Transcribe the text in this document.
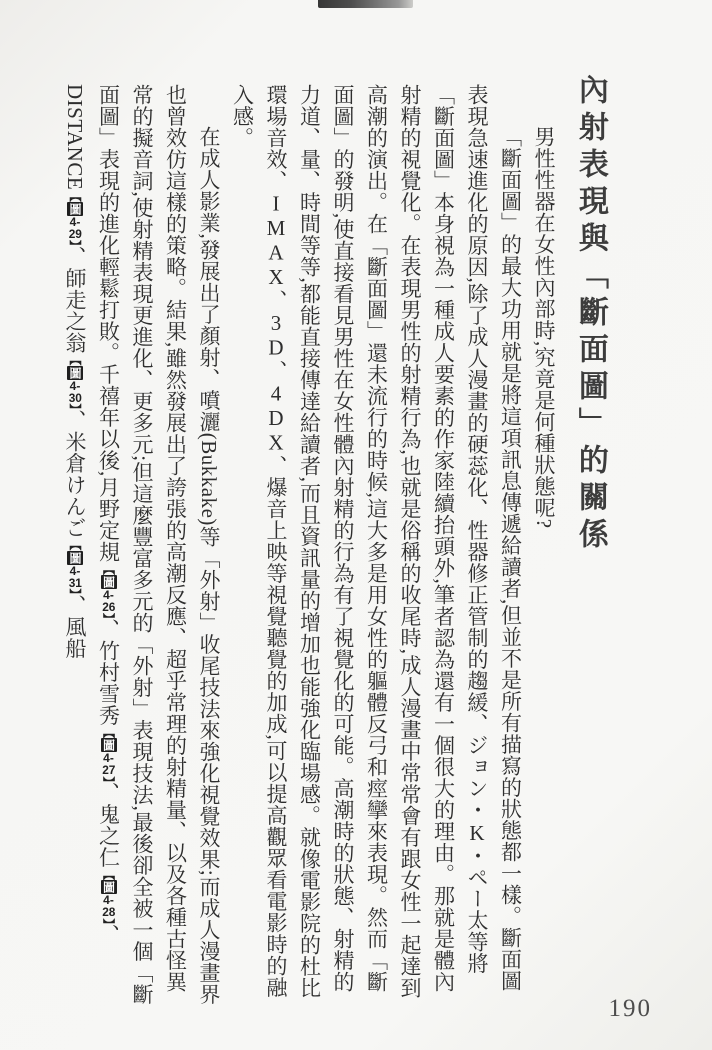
內射表現與「斷面圖」的關係

男性性器在女性內部時,究竟是何種狀態呢?

「斷面圖」的最大功用就是將這項訊息傳遞給讀者,但並不是所有描寫的狀態都一樣。斷面圖表現急速進化的原因,除了成人漫畫的硬蕊化、性器修正管制的趨緩、ジョン・K・ペー太等將「斷面圖」本身視為一種成人要素的作家陸續抬頭外,筆者認為還有一個很大的理由。那就是體內射精的視覺化。在表現男性的射精行為,也就是俗稱的收尾時,成人漫畫中常常會有跟女性一起達到高潮的演出。在「斷面圖」還未流行的時候,這大多是用女性的軀體反弓和痙攣來表現。然而「斷面圖」的發明,使直接看見男性在女性體內射精的行為有了視覺化的可能。高潮時的狀態、射精的力道、量、時間等等,都能直接傳達給讀者,而且資訊量的增加也能強化臨場感。就像電影院的杜比環場音效、IMAX、3D、4DX、爆音上映等視覺聽覺的加成,可以提高觀眾看電影時的融入感。

在成人影業,發展出了顏射、噴灑(Bukkake)等「外射」收尾技法來強化視覺效果;而成人漫畫界也曾效仿這樣的策略。結果,雖然發展出了誇張的高潮反應、超乎常理的射精量、以及各種古怪異常的擬音詞,使射精表現更進化、更多元;但這麼豐富多元的「外射」表現技法,最後卻全被一個「斷面圖」表現的進化輕鬆打敗。千禧年以後,月野定規【圖4-26】、竹村雪秀【圖4-27】、鬼之仁【圖4-28】、DISTANCE【圖4-29】、師走之翁【圖4-30】、米倉けんご【圖4-31】、風船

190
